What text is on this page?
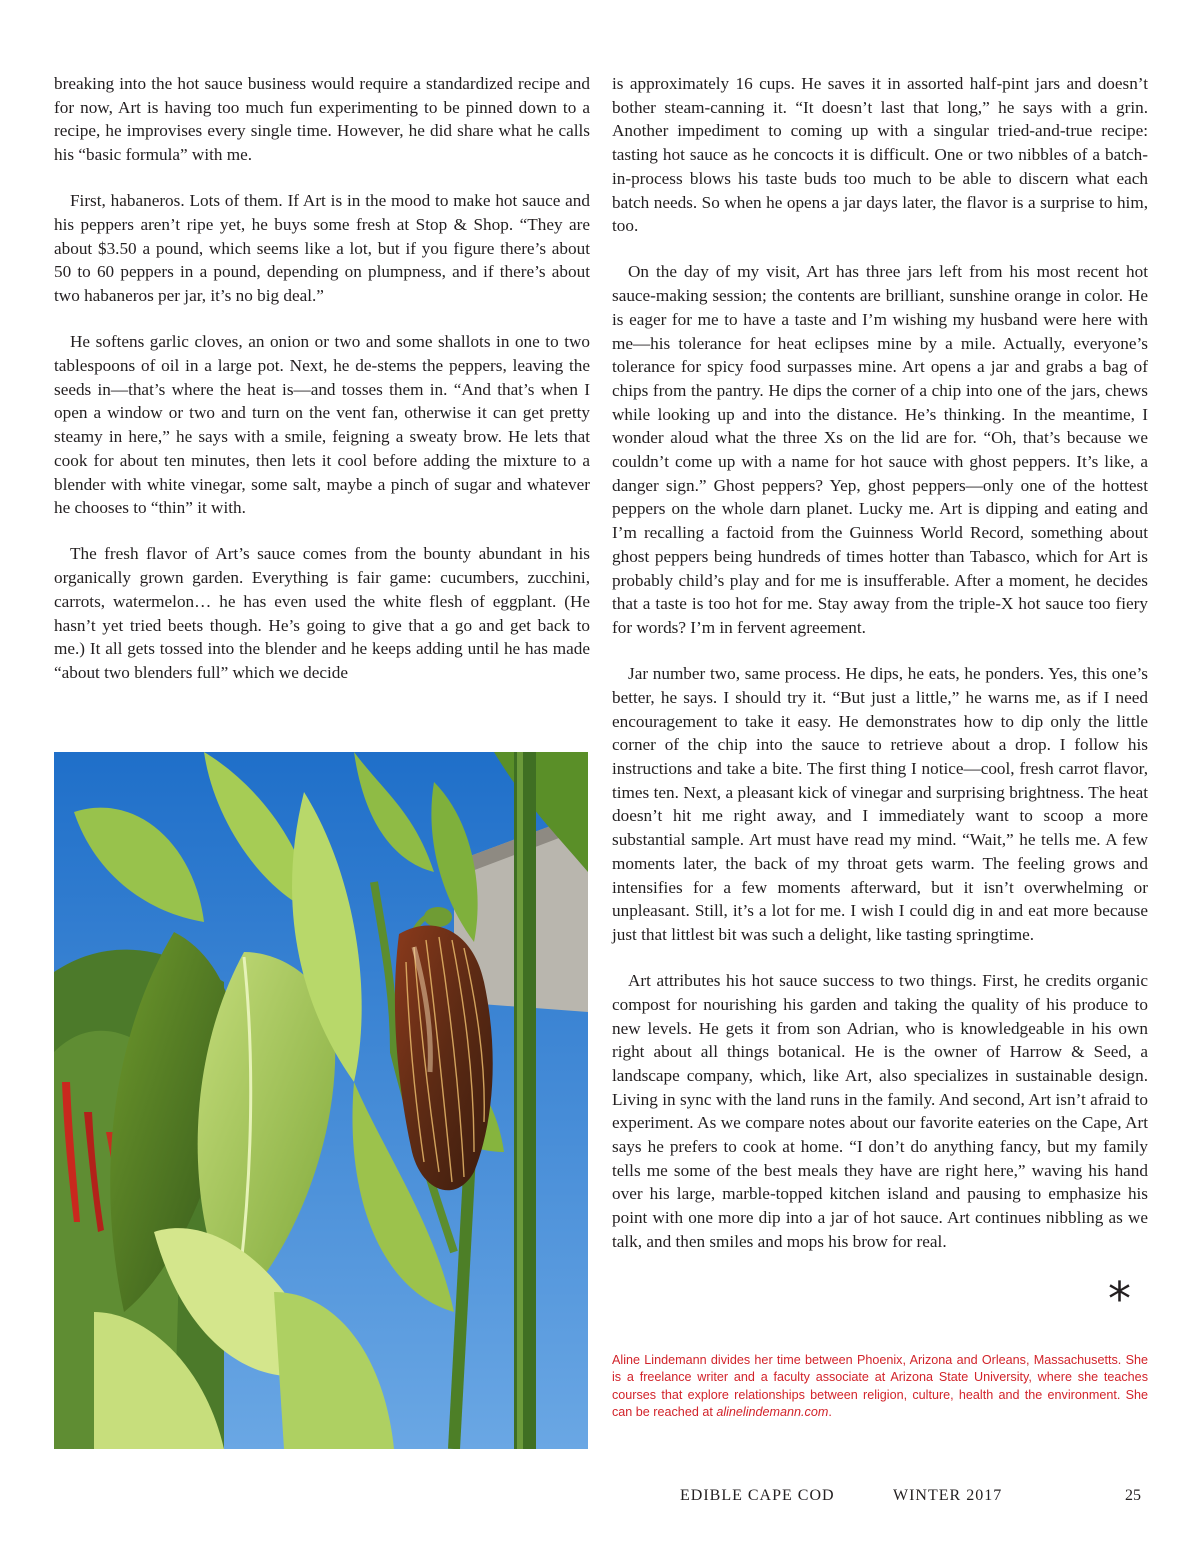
breaking into the hot sauce business would require a standardized recipe and for now, Art is having too much fun experimenting to be pinned down to a recipe, he improvises every single time. However, he did share what he calls his “basic formula” with me.

First, habaneros. Lots of them. If Art is in the mood to make hot sauce and his peppers aren’t ripe yet, he buys some fresh at Stop & Shop. “They are about $3.50 a pound, which seems like a lot, but if you figure there’s about 50 to 60 peppers in a pound, depending on plumpness, and if there’s about two habaneros per jar, it’s no big deal.”

He softens garlic cloves, an onion or two and some shallots in one to two tablespoons of oil in a large pot. Next, he de-stems the peppers, leaving the seeds in—that’s where the heat is—and tosses them in. “And that’s when I open a window or two and turn on the vent fan, otherwise it can get pretty steamy in here,” he says with a smile, feigning a sweaty brow. He lets that cook for about ten minutes, then lets it cool before adding the mixture to a blender with white vinegar, some salt, maybe a pinch of sugar and whatever he chooses to “thin” it with.

The fresh flavor of Art’s sauce comes from the bounty abundant in his organically grown garden. Everything is fair game: cucumbers, zucchini, carrots, watermelon… he has even used the white flesh of eggplant. (He hasn’t yet tried beets though. He’s going to give that a go and get back to me.) It all gets tossed into the blender and he keeps adding until he has made “about two blenders full” which we decide

is approximately 16 cups. He saves it in assorted half-pint jars and doesn’t bother steam-canning it. “It doesn’t last that long,” he says with a grin. Another impediment to coming up with a singular tried-and-true recipe: tasting hot sauce as he concocts it is difficult. One or two nibbles of a batch-in-process blows his taste buds too much to be able to discern what each batch needs. So when he opens a jar days later, the flavor is a surprise to him, too.

On the day of my visit, Art has three jars left from his most recent hot sauce-making session; the contents are brilliant, sunshine orange in color. He is eager for me to have a taste and I’m wishing my husband were here with me—his tolerance for heat eclipses mine by a mile. Actually, everyone’s tolerance for spicy food surpasses mine. Art opens a jar and grabs a bag of chips from the pantry. He dips the corner of a chip into one of the jars, chews while looking up and into the distance. He’s thinking. In the meantime, I wonder aloud what the three Xs on the lid are for. “Oh, that’s because we couldn’t come up with a name for hot sauce with ghost peppers. It’s like, a danger sign.” Ghost peppers? Yep, ghost peppers—only one of the hottest peppers on the whole darn planet. Lucky me. Art is dipping and eating and I’m recalling a factoid from the Guinness World Record, something about ghost peppers being hundreds of times hotter than Tabasco, which for Art is probably child’s play and for me is insufferable. After a moment, he decides that a taste is too hot for me. Stay away from the triple-X hot sauce too fiery for words? I’m in fervent agreement.

Jar number two, same process. He dips, he eats, he ponders. Yes, this one’s better, he says. I should try it. “But just a little,” he warns me, as if I need encouragement to take it easy. He demonstrates how to dip only the little corner of the chip into the sauce to retrieve about a drop. I follow his instructions and take a bite. The first thing I notice—cool, fresh carrot flavor, times ten. Next, a pleasant kick of vinegar and surprising brightness. The heat doesn’t hit me right away, and I immediately want to scoop a more substantial sample. Art must have read my mind. “Wait,” he tells me. A few moments later, the back of my throat gets warm. The feeling grows and intensifies for a few moments afterward, but it isn’t overwhelming or unpleasant. Still, it’s a lot for me. I wish I could dig in and eat more because just that littlest bit was such a delight, like tasting springtime.

Art attributes his hot sauce success to two things. First, he credits organic compost for nourishing his garden and taking the quality of his produce to new levels. He gets it from son Adrian, who is knowledgeable in his own right about all things botanical. He is the owner of Harrow & Seed, a landscape company, which, like Art, also specializes in sustainable design. Living in sync with the land runs in the family. And second, Art isn’t afraid to experiment. As we compare notes about our favorite eateries on the Cape, Art says he prefers to cook at home. “I don’t do anything fancy, but my family tells me some of the best meals they have are right here,” waving his hand over his large, marble-topped kitchen island and pausing to emphasize his point with one more dip into a jar of hot sauce. Art continues nibbling as we talk, and then smiles and mops his brow for real.

*

Aline Lindemann divides her time between Phoenix, Arizona and Orleans, Massachusetts. She is a freelance writer and a faculty associate at Arizona State University, where she teaches courses that explore relationships between religion, culture, health and the environment. She can be reached at alinelindemann.com.

EDIBLE CAPE COD	WINTER 2017	25
